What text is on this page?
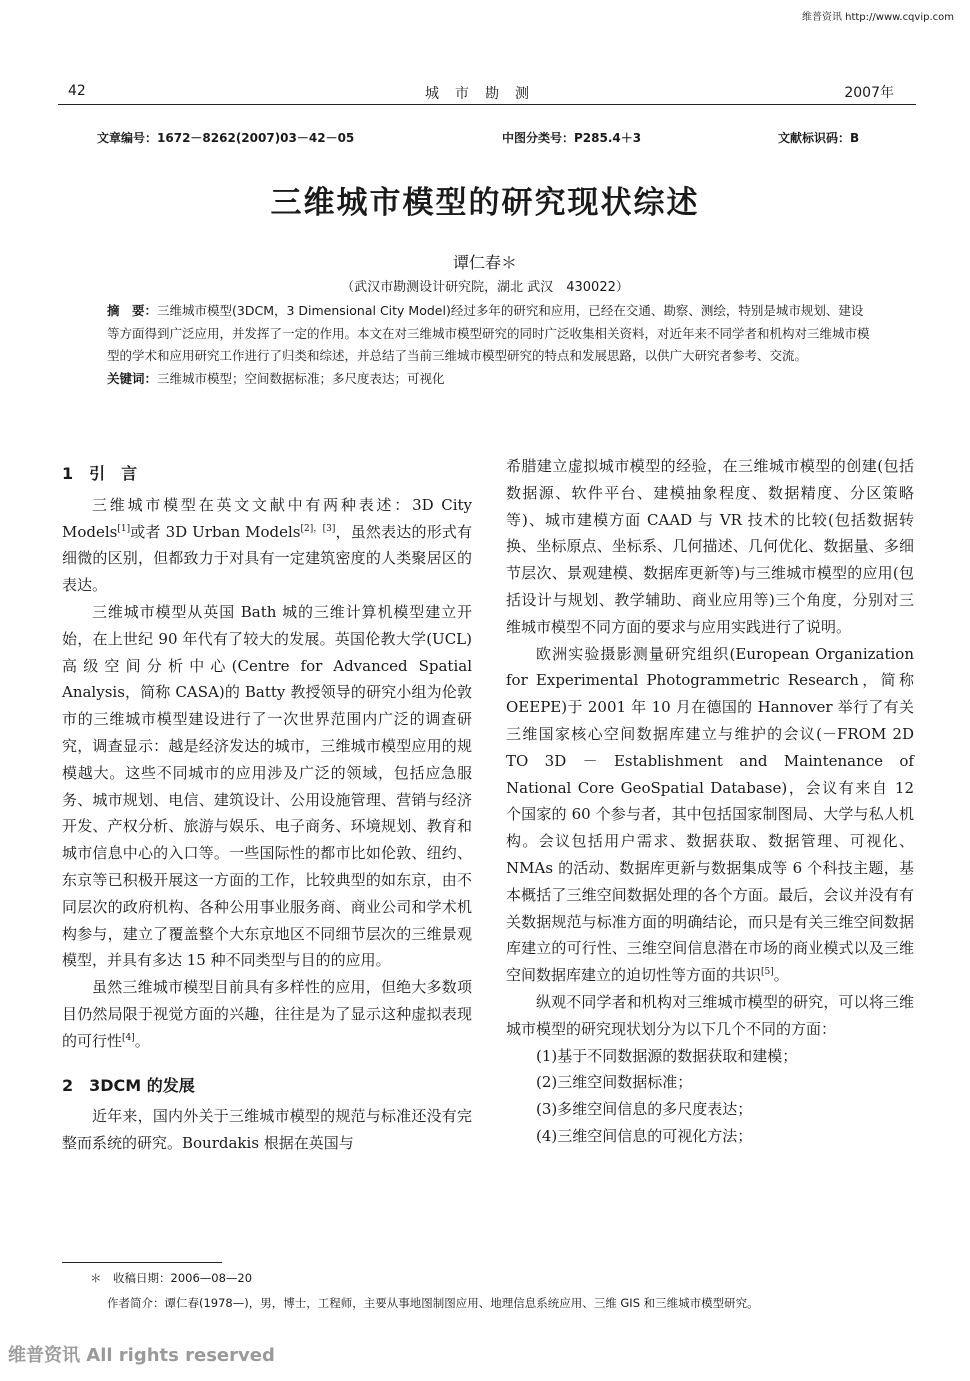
维普资讯 http://www.cqvip.com
42	城市勘测	2007年
文章编号：1672－8262(2007)03－42－05	中图分类号：P285.4＋3	文献标识码：B
三维城市模型的研究现状综述
谭仁春＊
（武汉市勘测设计研究院，湖北 武汉　430022）

摘　要：三维城市模型(3DCM，3 Dimensional City Model)经过多年的研究和应用，已经在交通、勘察、测绘，特别是城市规划、建设等方面得到广泛应用，并发挥了一定的作用。本文在对三维城市模型研究的同时广泛收集相关资料，对近年来不同学者和机构对三维城市模型的学术和应用研究工作进行了归类和综述，并总结了当前三维城市模型研究的特点和发展思路，以供广大研究者参考、交流。

关键词：三维城市模型；空间数据标准；多尺度表达；可视化

1　引　言

三维城市模型在英文文献中有两种表述：3D City Models[1]或者 3D Urban Models[2]，[3]，虽然表达的形式有细微的区别，但都致力于对具有一定建筑密度的人类聚居区的表达。

三维城市模型从英国 Bath 城的三维计算机模型建立开始，在上世纪 90 年代有了较大的发展。英国伦教大学(UCL)高级空间分析中心(Centre for Advanced Spatial Analysis，简称 CASA)的 Batty 教授领导的研究小组为伦敦市的三维城市模型建设进行了一次世界范围内广泛的调查研究，调查显示：越是经济发达的城市，三维城市模型应用的规模越大。这些不同城市的应用涉及广泛的领域，包括应急服务、城市规划、电信、建筑设计、公用设施管理、营销与经济开发、产权分析、旅游与娱乐、电子商务、环境规划、教育和城市信息中心的入口等。一些国际性的都市比如伦敦、纽约、东京等已积极开展这一方面的工作，比较典型的如东京，由不同层次的政府机构、各种公用事业服务商、商业公司和学术机构参与，建立了覆盖整个大东京地区不同细节层次的三维景观模型，并具有多达 15 种不同类型与目的的应用。

虽然三维城市模型目前具有多样性的应用，但绝大多数项目仍然局限于视觉方面的兴趣，往往是为了显示这种虚拟表现的可行性[4]。

2　3DCM 的发展

近年来，国内外关于三维城市模型的规范与标准还没有完整而系统的研究。Bourdakis 根据在英国与

希腊建立虚拟城市模型的经验，在三维城市模型的创建(包括数据源、软件平台、建模抽象程度、数据精度、分区策略等)、城市建模方面 CAAD 与 VR 技术的比较(包括数据转换、坐标原点、坐标系、几何描述、几何优化、数据量、多细节层次、景观建模、数据库更新等)与三维城市模型的应用(包括设计与规划、教学辅助、商业应用等)三个角度，分别对三维城市模型不同方面的要求与应用实践进行了说明。

欧洲实验摄影测量研究组织(European Organization for Experimental Photogrammetric Research，简称 OEEPE)于 2001 年 10 月在德国的 Hannover 举行了有关三维国家核心空间数据库建立与维护的会议(－FROM 2D TO 3D － Establishment and Maintenance of National Core GeoSpatial Database)，会议有来自 12 个国家的 60 个参与者，其中包括国家制图局、大学与私人机构。会议包括用户需求、数据获取、数据管理、可视化、NMAs 的活动、数据库更新与数据集成等 6 个科技主题，基本概括了三维空间数据处理的各个方面。最后，会议并没有有关数据规范与标准方面的明确结论，而只是有关三维空间数据库建立的可行性、三维空间信息潜在市场的商业模式以及三维空间数据库建立的迫切性等方面的共识[5]。

纵观不同学者和机构对三维城市模型的研究，可以将三维城市模型的研究现状划分为以下几个不同的方面：

(1)基于不同数据源的数据获取和建模；

(2)三维空间数据标准；

(3)多维空间信息的多尺度表达；

(4)三维空间信息的可视化方法；

＊　收稿日期：2006—08—20
作者简介：谭仁春(1978—)，男，博士，工程师，主要从事地图制图应用、地理信息系统应用、三维 GIS 和三维城市模型研究。
维普资讯 All rights reserved
